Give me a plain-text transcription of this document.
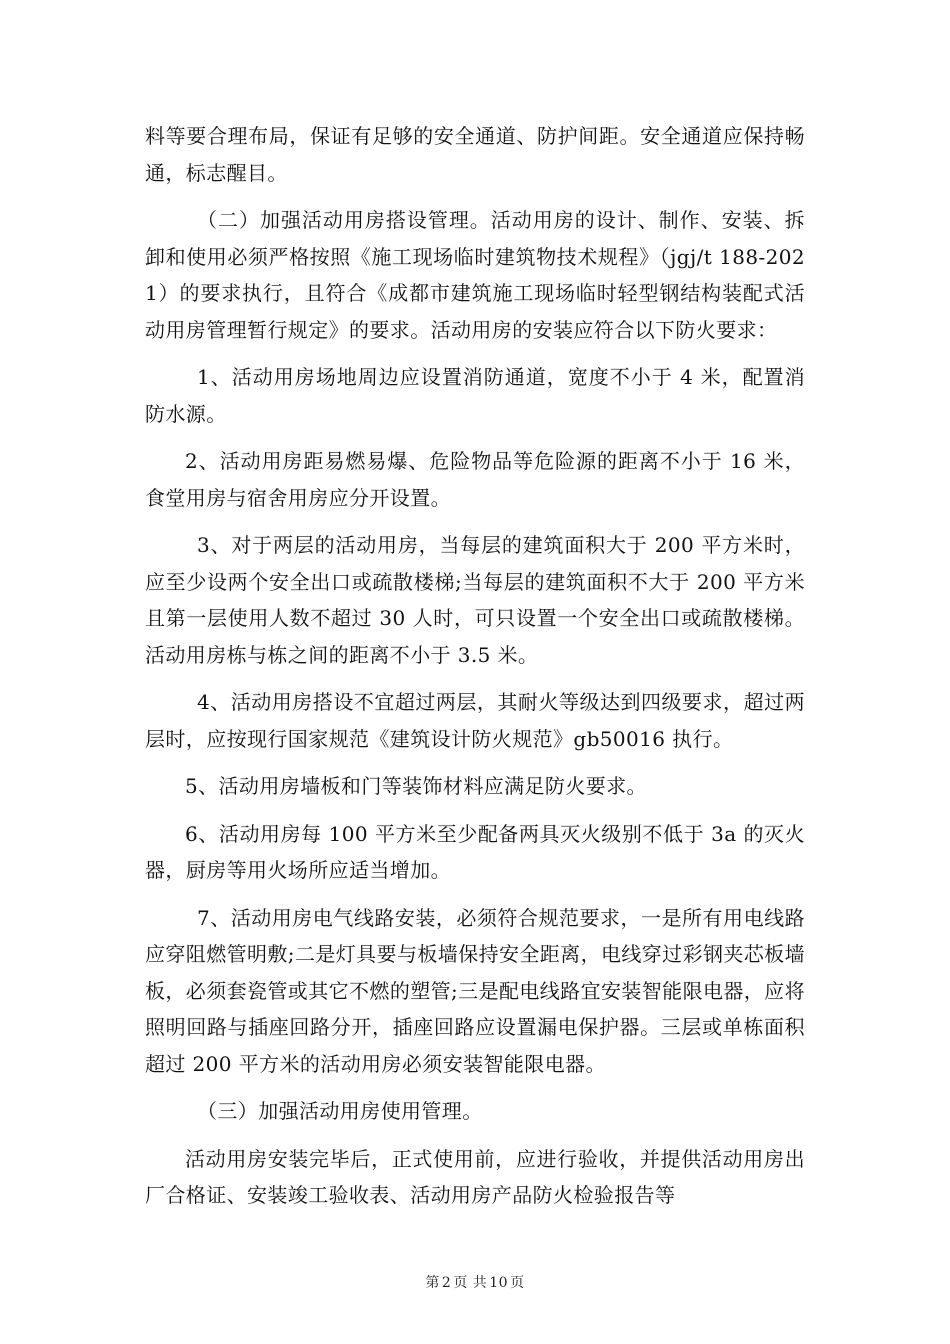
料等要合理布局，保证有足够的安全通道、防护间距。安全通道应保持畅通，标志醒目。

（二）加强活动用房搭设管理。活动用房的设计、制作、安装、拆卸和使用必须严格按照《施工现场临时建筑物技术规程》（jgj/t 188-2021）的要求执行，且符合《成都市建筑施工现场临时轻型钢结构装配式活动用房管理暂行规定》的要求。活动用房的安装应符合以下防火要求：

1、活动用房场地周边应设置消防通道，宽度不小于 4 米，配置消防水源。

2、活动用房距易燃易爆、危险物品等危险源的距离不小于 16 米，食堂用房与宿舍用房应分开设置。

3、对于两层的活动用房，当每层的建筑面积大于 200 平方米时，应至少设两个安全出口或疏散楼梯;当每层的建筑面积不大于 200 平方米且第一层使用人数不超过 30 人时，可只设置一个安全出口或疏散楼梯。活动用房栋与栋之间的距离不小于 3.5 米。

4、活动用房搭设不宜超过两层，其耐火等级达到四级要求，超过两层时，应按现行国家规范《建筑设计防火规范》gb50016 执行。

5、活动用房墙板和门等装饰材料应满足防火要求。

6、活动用房每 100 平方米至少配备两具灭火级别不低于 3a 的灭火器，厨房等用火场所应适当增加。

7、活动用房电气线路安装，必须符合规范要求，一是所有用电线路应穿阻燃管明敷;二是灯具要与板墙保持安全距离，电线穿过彩钢夹芯板墙板，必须套瓷管或其它不燃的塑管;三是配电线路宜安装智能限电器，应将照明回路与插座回路分开，插座回路应设置漏电保护器。三层或单栋面积超过 200 平方米的活动用房必须安装智能限电器。

（三）加强活动用房使用管理。

活动用房安装完毕后，正式使用前，应进行验收，并提供活动用房出厂合格证、安装竣工验收表、活动用房产品防火检验报告等

第 2 页 共 10 页
